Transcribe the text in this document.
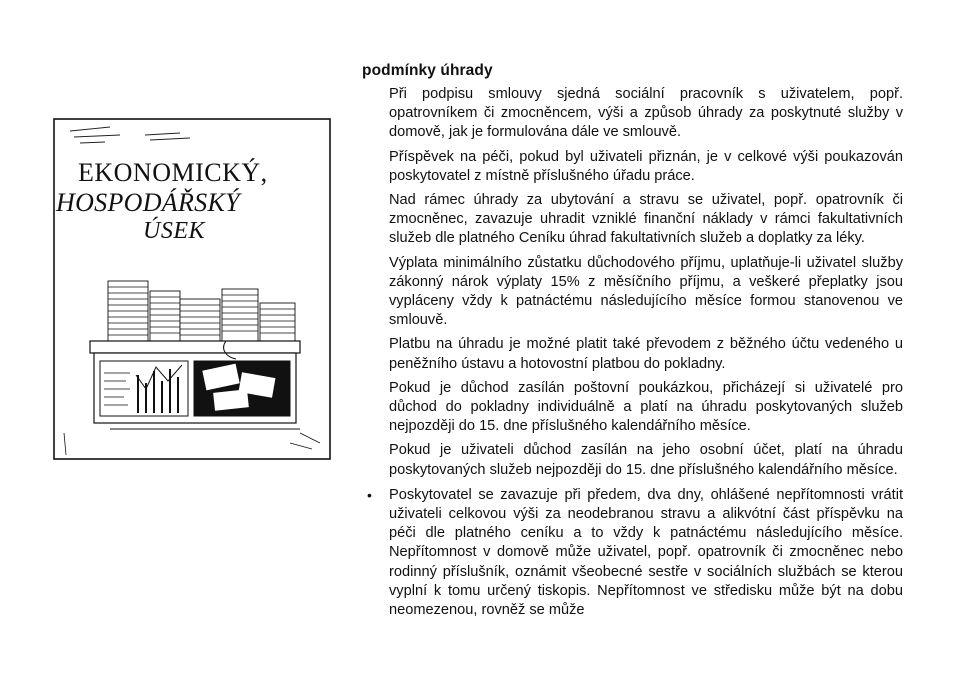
EKONOMICKÝ,
HOSPODÁŘSKÝ
ÚSEK
podmínky úhrady

Při podpisu smlouvy sjedná sociální pracovník s uživatelem, popř. opatrovníkem či zmocněncem, výši a způsob úhrady za poskytnuté služby v domově, jak je formulována dále ve smlouvě.

Příspěvek na péči, pokud byl uživateli přiznán, je v celkové výši poukazován poskytovatel z místně příslušného úřadu práce.

Nad rámec úhrady za ubytování a stravu se uživatel, popř. opatrovník či zmocněnec, zavazuje uhradit vzniklé finanční náklady v rámci fakultativních služeb dle platného Ceníku úhrad fakultativních služeb a doplatky za léky.

Výplata minimálního zůstatku důchodového příjmu, uplatňuje-li uživatel služby zákonný nárok výplaty 15% z měsíčního příjmu, a veškeré přeplatky jsou vypláceny vždy k patnáctému následujícího měsíce formou stanovenou ve smlouvě.

Platbu na úhradu je možné platit také převodem z běžného účtu vedeného u peněžního ústavu a hotovostní platbou do pokladny.

Pokud je důchod zasílán poštovní poukázkou, přicházejí si uživatelé pro důchod do pokladny individuálně a platí na úhradu poskytovaných služeb nejpozději do 15. dne příslušného kalendářního měsíce.

Pokud je uživateli důchod zasílán na jeho osobní účet, platí na úhradu poskytovaných služeb nejpozději do 15. dne příslušného kalendářního měsíce.

• Poskytovatel se zavazuje při předem, dva dny, ohlášené nepřítomnosti vrátit uživateli celkovou výši za neodebranou stravu a alikvótní část příspěvku na péči dle platného ceníku a to vždy k patnáctému následujícího měsíce. Nepřítomnost v domově může uživatel, popř. opatrovník či zmocněnec nebo rodinný příslušník, oznámit všeobecné sestře v sociálních službách se kterou vyplní k tomu určený tiskopis. Nepřítomnost ve středisku může být na dobu neomezenou, rovněž se může
